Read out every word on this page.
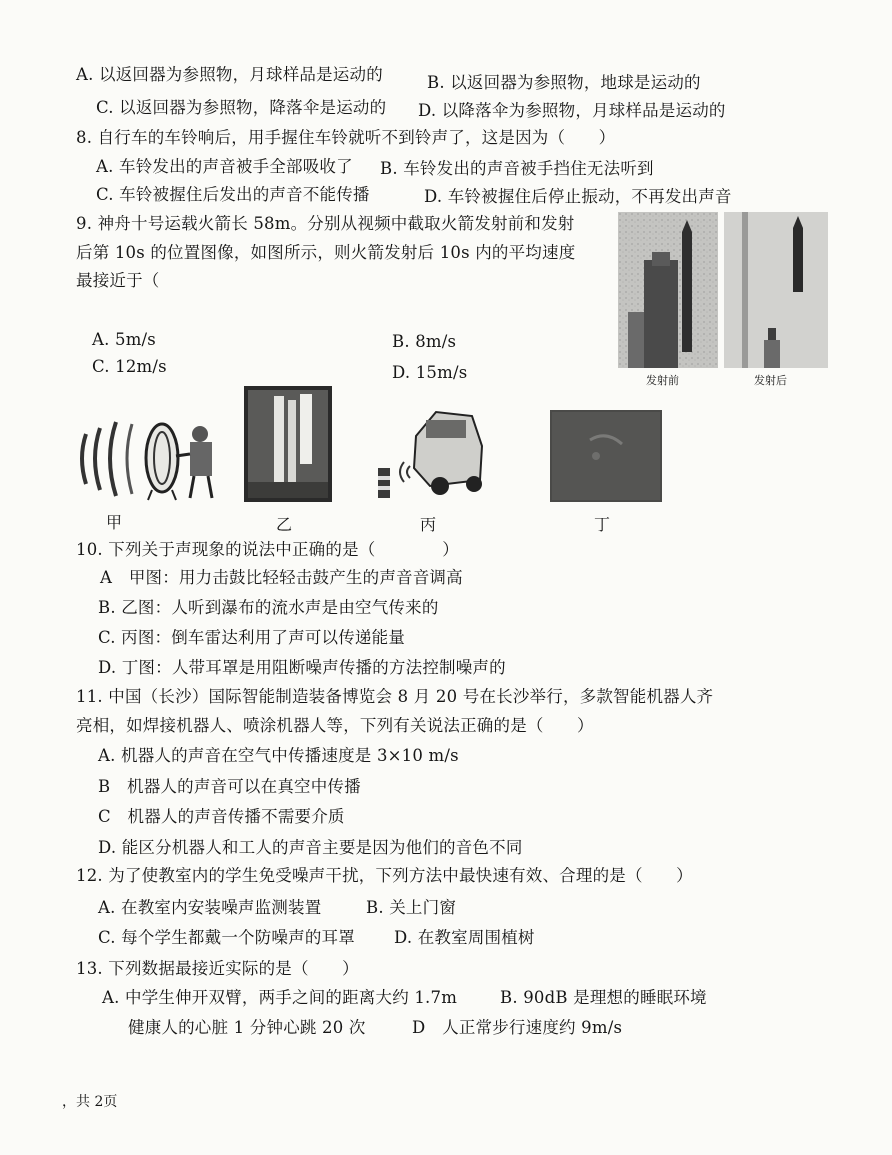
A. 以返回器为参照物，月球样品是运动的	B. 以返回器为参照物，地球是运动的
C. 以返回器为参照物，降落伞是运动的 D. 以降落伞为参照物，月球样品是运动的
8. 自行车的车铃响后，用手握住车铃就听不到铃声了，这是因为（　　）
A. 车铃发出的声音被手全部吸收了 B. 车铃发出的声音被手挡住无法听到
C. 车铃被握住后发出的声音不能传播	D. 车铃被握住后停止振动，不再发出声音
9. 神舟十号运载火箭长 58m。分别从视频中截取火箭发射前和发射
后第 10s 的位置图像，如图所示，则火箭发射后 10s 内的平均速度
最接近于（
A. 5m/s	B. 8m/s
C. 12m/s	D. 15m/s	发射前	发射后
甲	乙	丙	丁
10. 下列关于声现象的说法中正确的是（　　　　）
A　甲图：用力击鼓比轻轻击鼓产生的声音音调高
B. 乙图：人听到瀑布的流水声是由空气传来的
C. 丙图：倒车雷达利用了声可以传递能量
D. 丁图：人带耳罩是用阻断噪声传播的方法控制噪声的
11. 中国（长沙）国际智能制造装备博览会 8 月 20 号在长沙举行，多款智能机器人齐
亮相，如焊接机器人、喷涂机器人等，下列有关说法正确的是（　　）
A. 机器人的声音在空气中传播速度是 3×10 m/s
B　机器人的声音可以在真空中传播
C　机器人的声音传播不需要介质
D. 能区分机器人和工人的声音主要是因为他们的音色不同
12. 为了使教室内的学生免受噪声干扰，下列方法中最快速有效、合理的是（　　）
A. 在教室内安装噪声监测装置	B. 关上门窗
C. 每个学生都戴一个防噪声的耳罩 D. 在教室周围植树
13. 下列数据最接近实际的是（　　）
A. 中学生伸开双臂，两手之间的距离大约 1.7m	B. 90dB 是理想的睡眠环境
健康人的心脏 1 分钟心跳 20 次	D　人正常步行速度约 9m/s
，共 2页
